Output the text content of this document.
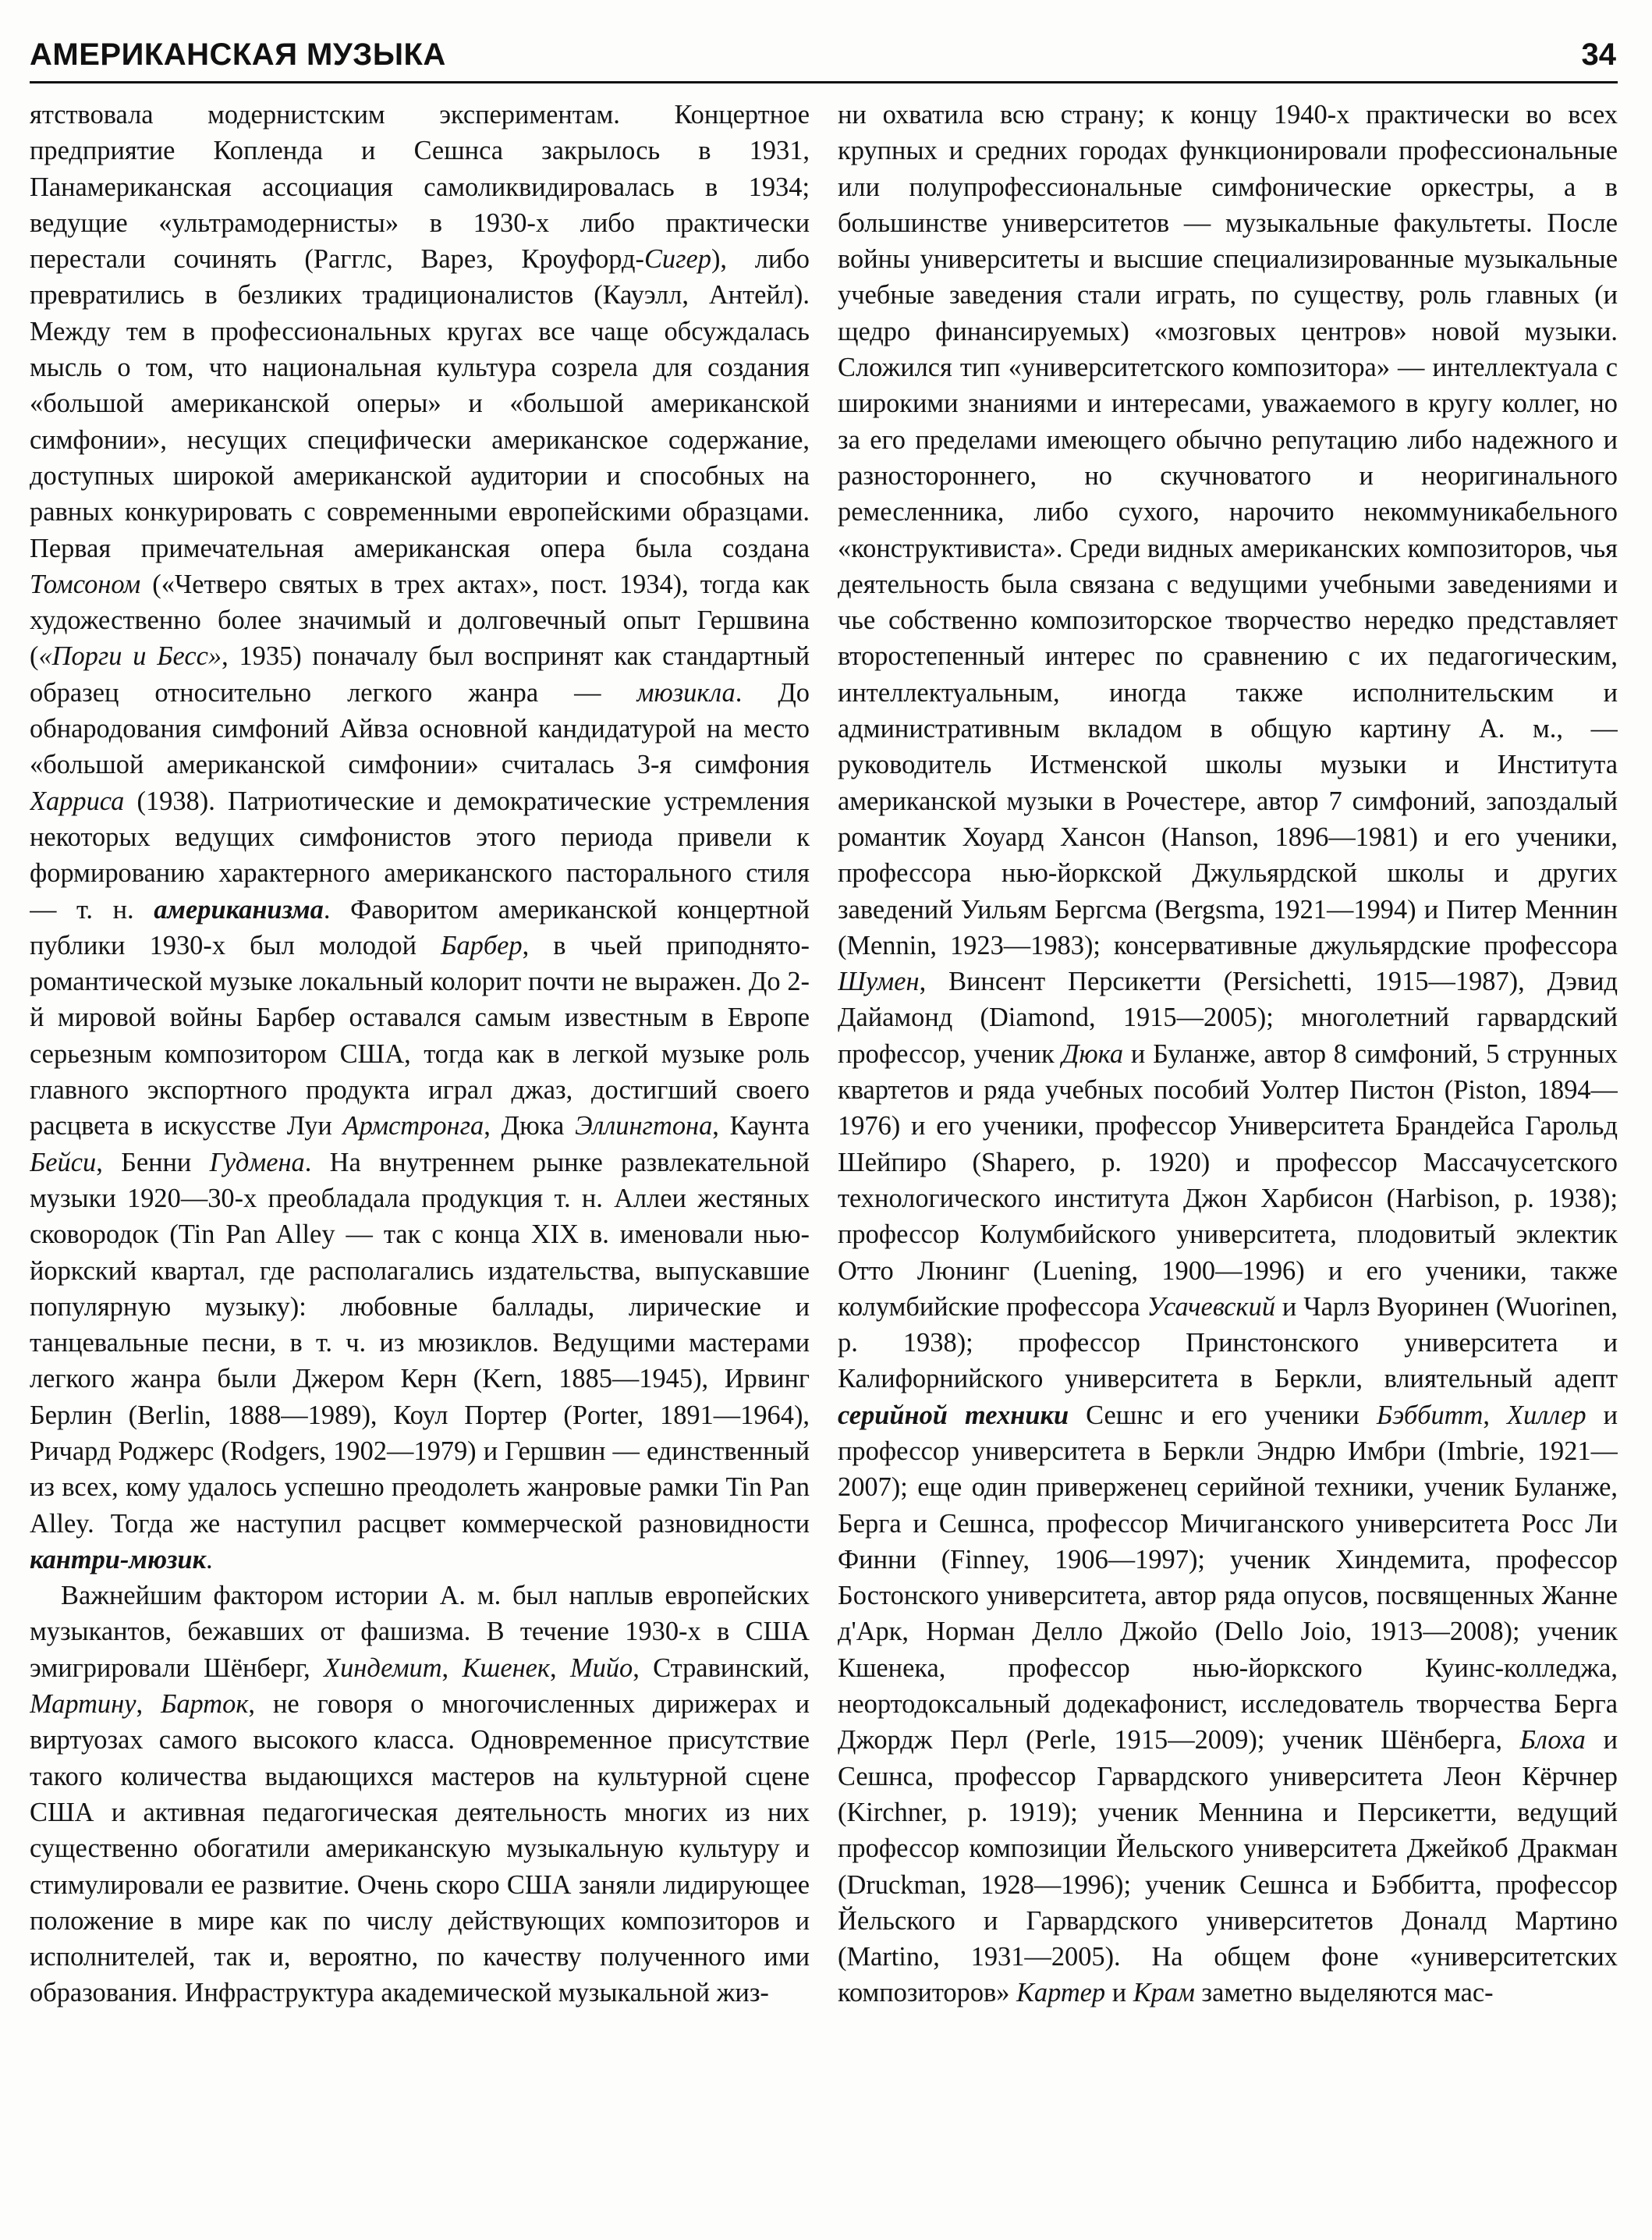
АМЕРИКАНСКАЯ МУЗЫКА	34

ятствовала модернистским экспериментам. Концертное предприятие Копленда и Сешнса закрылось в 1931, Панамериканская ассоциация самоликвидировалась в 1934; ведущие «ультрамодернисты» в 1930-х либо практически перестали сочинять (Рагглс, Варез, Кроуфорд-Сигер), либо превратились в безликих традиционалистов (Кауэлл, Антейл). Между тем в профессиональных кругах все чаще обсуждалась мысль о том, что национальная культура созрела для создания «большой американской оперы» и «большой американской симфонии», несущих специфически американское содержание, доступных широкой американской аудитории и способных на равных конкурировать с современными европейскими образцами. Первая примечательная американская опера была создана Томсоном («Четверо святых в трех актах», пост. 1934), тогда как художественно более значимый и долговечный опыт Гершвина («Порги и Бесс», 1935) поначалу был воспринят как стандартный образец относительно легкого жанра — мюзикла. До обнародования симфоний Айвза основной кандидатурой на место «большой американской симфонии» считалась 3-я симфония Харриса (1938). Патриотические и демократические устремления некоторых ведущих симфонистов этого периода привели к формированию характерного американского пасторального стиля — т. н. американизма. Фаворитом американской концертной публики 1930-х был молодой Барбер, в чьей приподнято-романтической музыке локальный колорит почти не выражен. До 2-й мировой войны Барбер оставался самым известным в Европе серьезным композитором США, тогда как в легкой музыке роль главного экспортного продукта играл джаз, достигший своего расцвета в искусстве Луи Армстронга, Дюка Эллингтона, Каунта Бейси, Бенни Гудмена. На внутреннем рынке развлекательной музыки 1920—30-х преобладала продукция т. н. Аллеи жестяных сковородок (Tin Pan Alley — так с конца XIX в. именовали нью-йоркский квартал, где располагались издательства, выпускавшие популярную музыку): любовные баллады, лирические и танцевальные песни, в т. ч. из мюзиклов. Ведущими мастерами легкого жанра были Джером Керн (Kern, 1885—1945), Ирвинг Берлин (Berlin, 1888—1989), Коул Портер (Porter, 1891—1964), Ричард Роджерс (Rodgers, 1902—1979) и Гершвин — единственный из всех, кому удалось успешно преодолеть жанровые рамки Tin Pan Alley. Тогда же наступил расцвет коммерческой разновидности кантри-мюзик.

Важнейшим фактором истории А. м. был наплыв европейских музыкантов, бежавших от фашизма. В течение 1930-х в США эмигрировали Шёнберг, Хиндемит, Кшенек, Мийо, Стравинский, Мартину, Барток, не говоря о многочисленных дирижерах и виртуозах самого высокого класса. Одновременное присутствие такого количества выдающихся мастеров на культурной сцене США и активная педагогическая деятельность многих из них существенно обогатили американскую музыкальную культуру и стимулировали ее развитие. Очень скоро США заняли лидирующее положение в мире как по числу действующих композиторов и исполнителей, так и, вероятно, по качеству полученного ими образования. Инфраструктура академической музыкальной жиз-

ни охватила всю страну; к концу 1940-х практически во всех крупных и средних городах функционировали профессиональные или полупрофессиональные симфонические оркестры, а в большинстве университетов — музыкальные факультеты. После войны университеты и высшие специализированные музыкальные учебные заведения стали играть, по существу, роль главных (и щедро финансируемых) «мозговых центров» новой музыки. Сложился тип «университетского композитора» — интеллектуала с широкими знаниями и интересами, уважаемого в кругу коллег, но за его пределами имеющего обычно репутацию либо надежного и разностороннего, но скучноватого и неоригинального ремесленника, либо сухого, нарочито некоммуникабельного «конструктивиста». Среди видных американских композиторов, чья деятельность была связана с ведущими учебными заведениями и чье собственно композиторское творчество нередко представляет второстепенный интерес по сравнению с их педагогическим, интеллектуальным, иногда также исполнительским и административным вкладом в общую картину А. м., — руководитель Истменской школы музыки и Института американской музыки в Рочестере, автор 7 симфоний, запоздалый романтик Хоуард Хансон (Hanson, 1896—1981) и его ученики, профессора нью-йоркской Джульярдской школы и других заведений Уильям Бергсма (Bergsma, 1921—1994) и Питер Меннин (Mennin, 1923—1983); консервативные джульярдские профессора Шумен, Винсент Персикетти (Persichetti, 1915—1987), Дэвид Дайамонд (Diamond, 1915—2005); многолетний гарвардский профессор, ученик Дюка и Буланже, автор 8 симфоний, 5 струнных квартетов и ряда учебных пособий Уолтер Пистон (Piston, 1894—1976) и его ученики, профессор Университета Брандейса Гарольд Шейпиро (Shapero, р. 1920) и профессор Массачусетского технологического института Джон Харбисон (Harbison, р. 1938); профессор Колумбийского университета, плодовитый эклектик Отто Люнинг (Luening, 1900—1996) и его ученики, также колумбийские профессора Усачевский и Чарлз Вуоринен (Wuorinen, р. 1938); профессор Принстонского университета и Калифорнийского университета в Беркли, влиятельный адепт серийной техники Сешнс и его ученики Бэббитт, Хиллер и профессор университета в Беркли Эндрю Имбри (Imbrie, 1921—2007); еще один приверженец серийной техники, ученик Буланже, Берга и Сешнса, профессор Мичиганского университета Росс Ли Финни (Finney, 1906—1997); ученик Хиндемита, профессор Бостонского университета, автор ряда опусов, посвященных Жанне д'Арк, Норман Делло Джойо (Dello Joio, 1913—2008); ученик Кшенека, профессор нью-йоркского Куинс-колледжа, неортодоксальный додекафонист, исследователь творчества Берга Джордж Перл (Perle, 1915—2009); ученик Шёнберга, Блоха и Сешнса, профессор Гарвардского университета Леон Кёрчнер (Kirchner, р. 1919); ученик Меннина и Персикетти, ведущий профессор композиции Йельского университета Джейкоб Дракман (Druckman, 1928—1996); ученик Сешнса и Бэббитта, профессор Йельского и Гарвардского университетов Доналд Мартино (Martino, 1931—2005). На общем фоне «университетских композиторов» Картер и Крам заметно выделяются мас-
